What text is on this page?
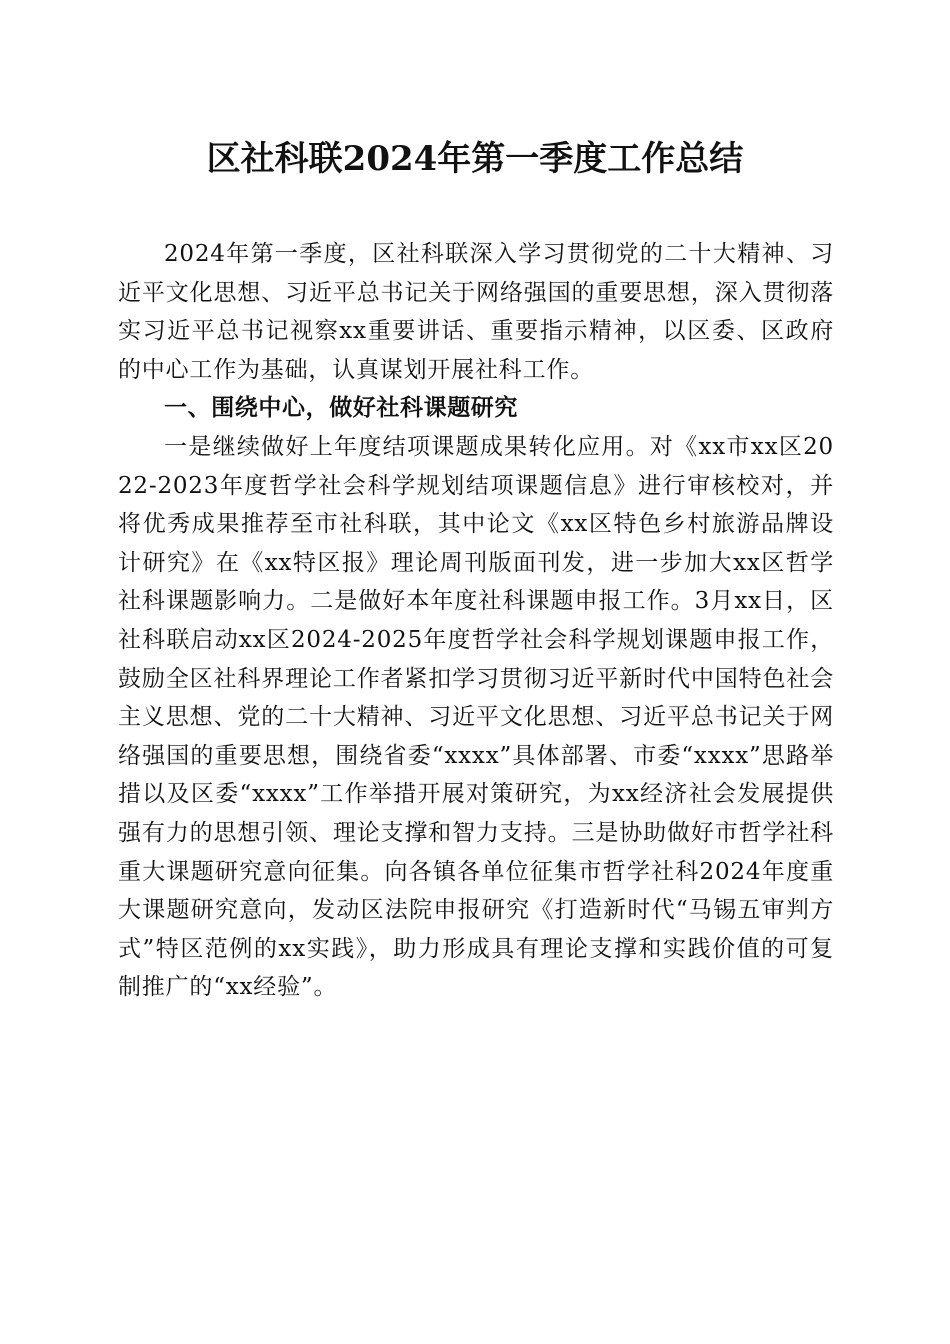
区社科联2024年第一季度工作总结

2024年第一季度，区社科联深入学习贯彻党的二十大精神、习近平文化思想、习近平总书记关于网络强国的重要思想，深入贯彻落实习近平总书记视察xx重要讲话、重要指示精神，以区委、区政府的中心工作为基础，认真谋划开展社科工作。

一、围绕中心，做好社科课题研究

一是继续做好上年度结项课题成果转化应用。对《xx市xx区2022-2023年度哲学社会科学规划结项课题信息》进行审核校对，并将优秀成果推荐至市社科联，其中论文《xx区特色乡村旅游品牌设计研究》在《xx特区报》理论周刊版面刊发，进一步加大xx区哲学社科课题影响力。二是做好本年度社科课题申报工作。3月xx日，区社科联启动xx区2024-2025年度哲学社会科学规划课题申报工作，鼓励全区社科界理论工作者紧扣学习贯彻习近平新时代中国特色社会主义思想、党的二十大精神、习近平文化思想、习近平总书记关于网络强国的重要思想，围绕省委“xxxx”具体部署、市委“xxxx”思路举措以及区委“xxxx”工作举措开展对策研究，为xx经济社会发展提供强有力的思想引领、理论支撑和智力支持。三是协助做好市哲学社科重大课题研究意向征集。向各镇各单位征集市哲学社科2024年度重大课题研究意向，发动区法院申报研究《打造新时代“马锡五审判方式”特区范例的xx实践》，助力形成具有理论支撑和实践价值的可复制推广的“xx经验”。
